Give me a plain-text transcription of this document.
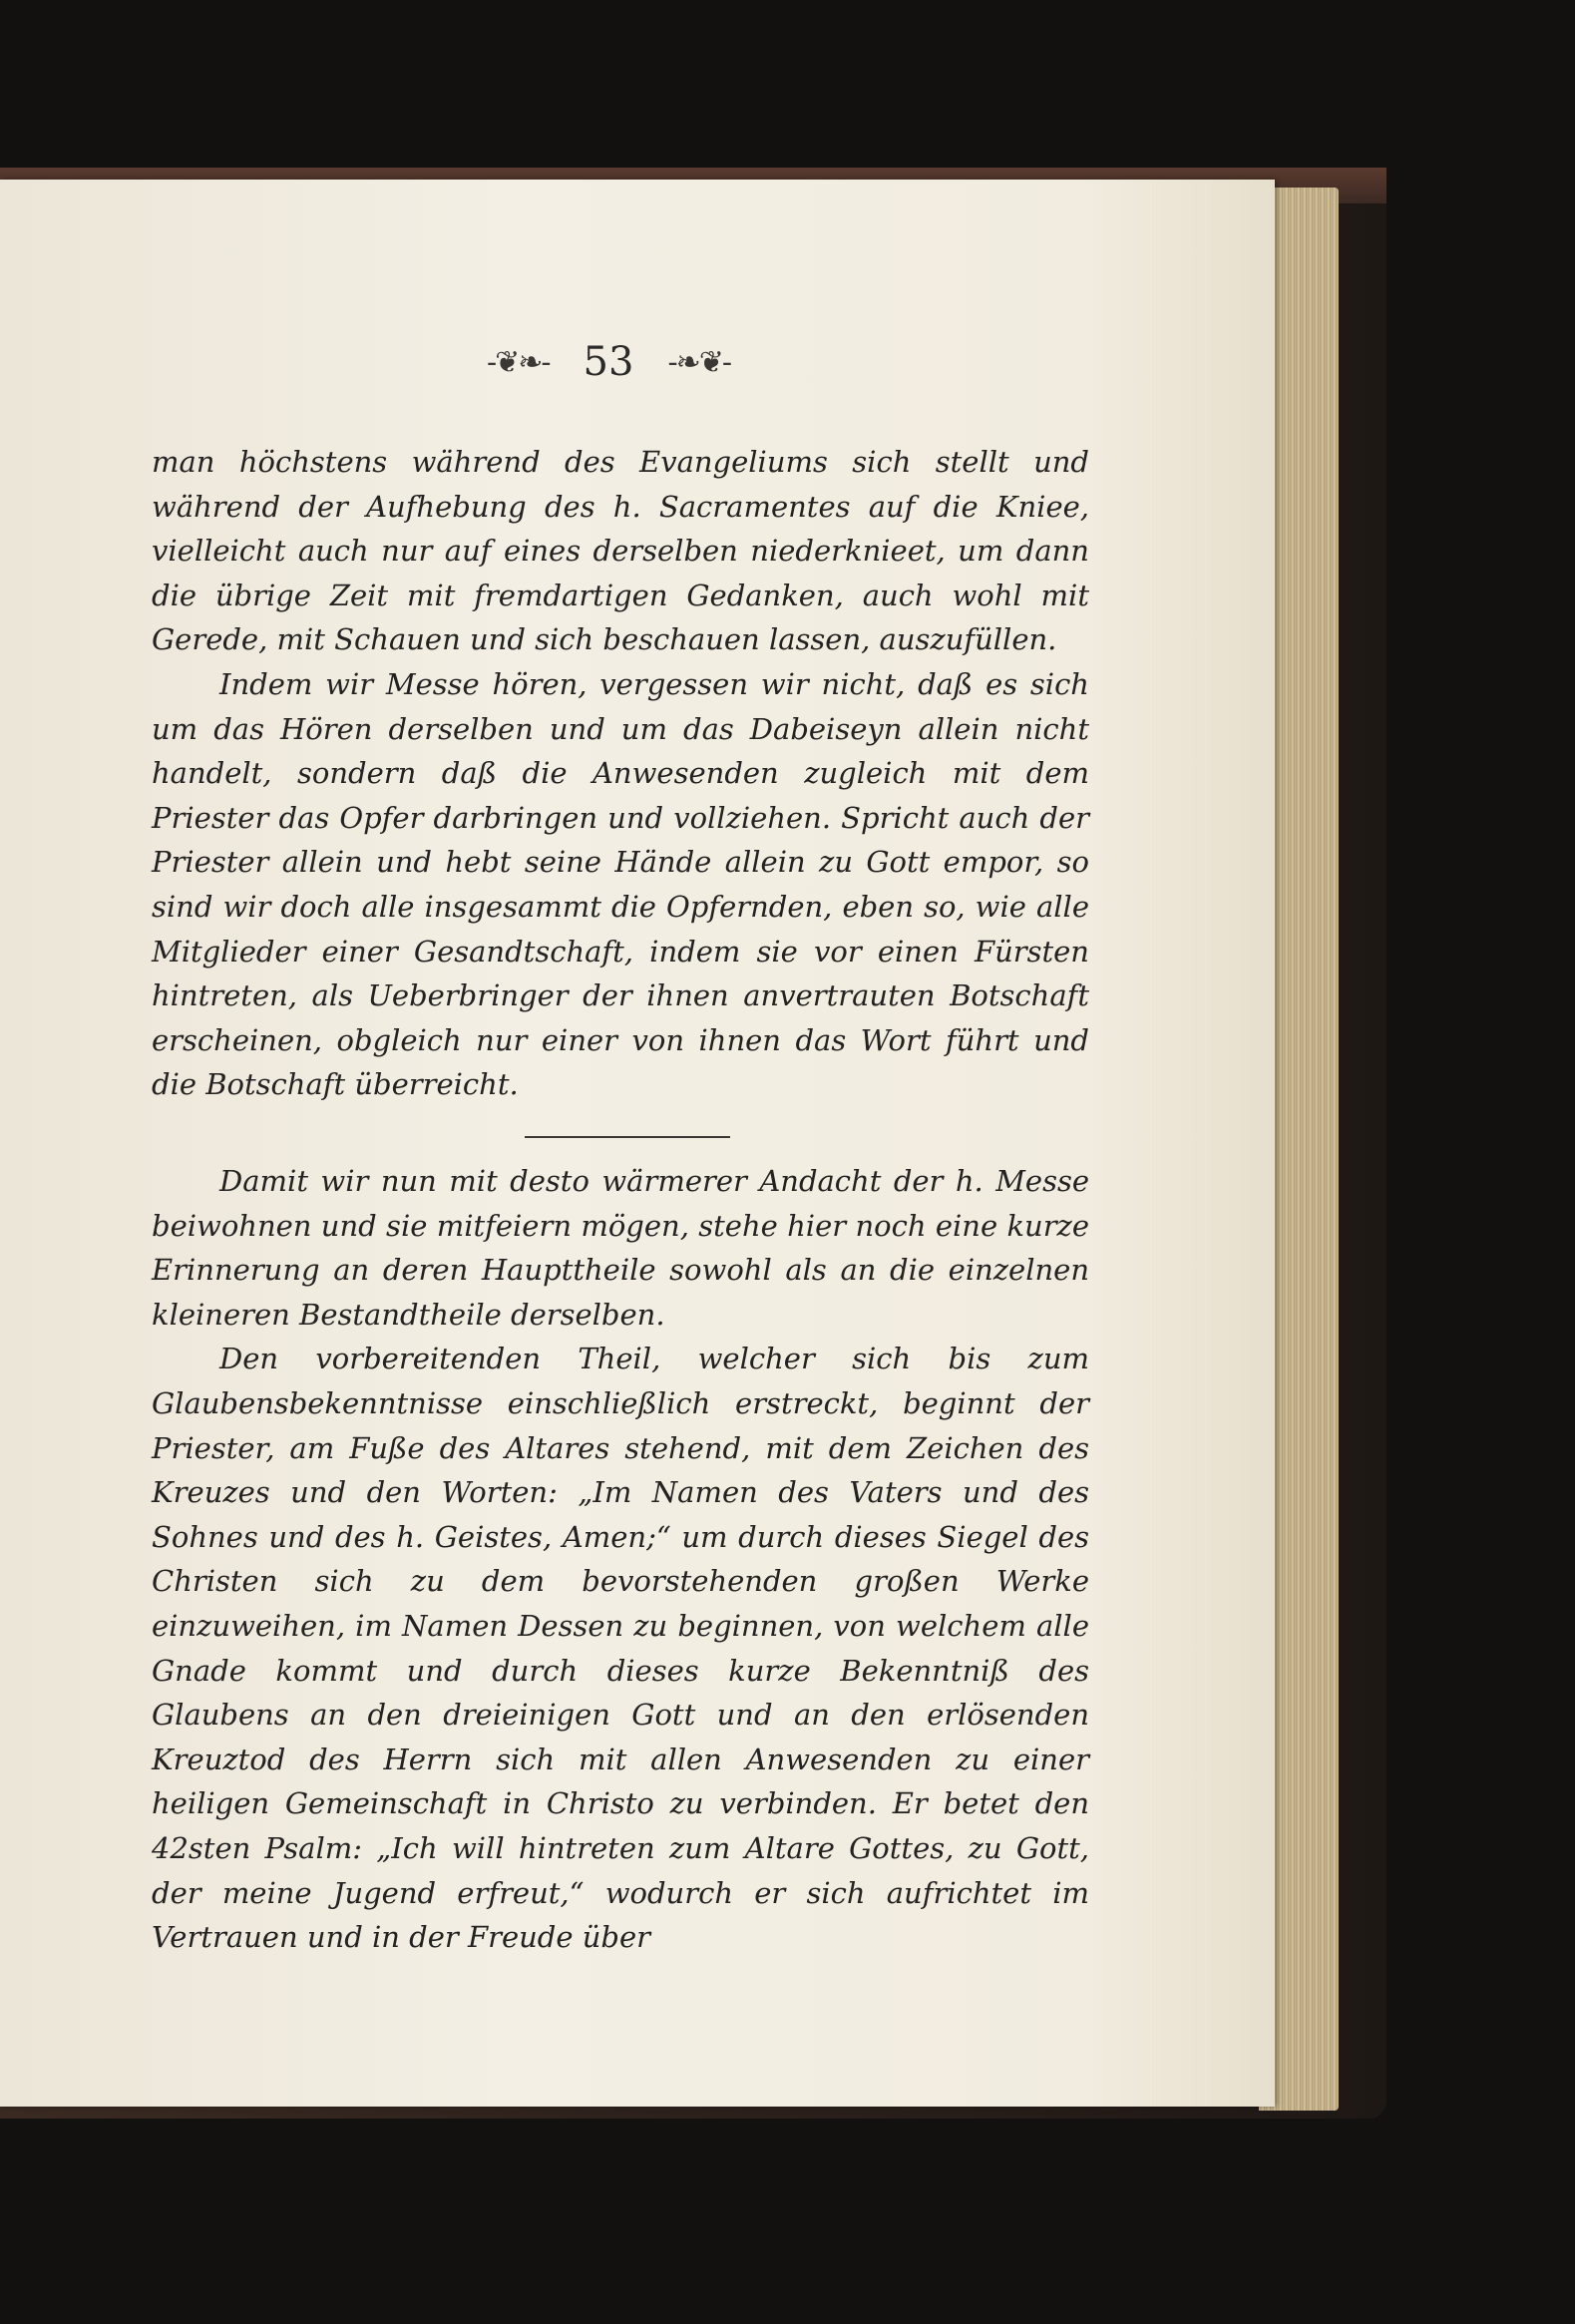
-❦❧- 53 -❧❦-

man höchstens während des Evangeliums sich stellt und während der Aufhebung des h. Sacramentes auf die Kniee, vielleicht auch nur auf eines derselben niederknieet, um dann die übrige Zeit mit fremdartigen Gedanken, auch wohl mit Gerede, mit Schauen und sich beschauen lassen, auszufüllen.

Indem wir Messe hören, vergessen wir nicht, daß es sich um das Hören derselben und um das Dabeiseyn allein nicht handelt, sondern daß die Anwesenden zugleich mit dem Priester das Opfer darbringen und vollziehen. Spricht auch der Priester allein und hebt seine Hände allein zu Gott empor, so sind wir doch alle insgesammt die Opfernden, eben so, wie alle Mitglieder einer Gesandtschaft, indem sie vor einen Fürsten hintreten, als Ueberbringer der ihnen anvertrauten Botschaft erscheinen, obgleich nur einer von ihnen das Wort führt und die Botschaft überreicht.

Damit wir nun mit desto wärmerer Andacht der h. Messe beiwohnen und sie mitfeiern mögen, stehe hier noch eine kurze Erinnerung an deren Haupttheile sowohl als an die einzelnen kleineren Bestandtheile derselben.

Den vorbereitenden Theil, welcher sich bis zum Glaubensbekenntnisse einschließlich erstreckt, beginnt der Priester, am Fuße des Altares stehend, mit dem Zeichen des Kreuzes und den Worten: „Im Namen des Vaters und des Sohnes und des h. Geistes, Amen;“ um durch dieses Siegel des Christen sich zu dem bevorstehenden großen Werke einzuweihen, im Namen Dessen zu beginnen, von welchem alle Gnade kommt und durch dieses kurze Bekenntniß des Glaubens an den dreieinigen Gott und an den erlösenden Kreuztod des Herrn sich mit allen Anwesenden zu einer heiligen Gemeinschaft in Christo zu verbinden. Er betet den 42sten Psalm: „Ich will hintreten zum Altare Gottes, zu Gott, der meine Jugend erfreut,“ wodurch er sich aufrichtet im Vertrauen und in der Freude über
